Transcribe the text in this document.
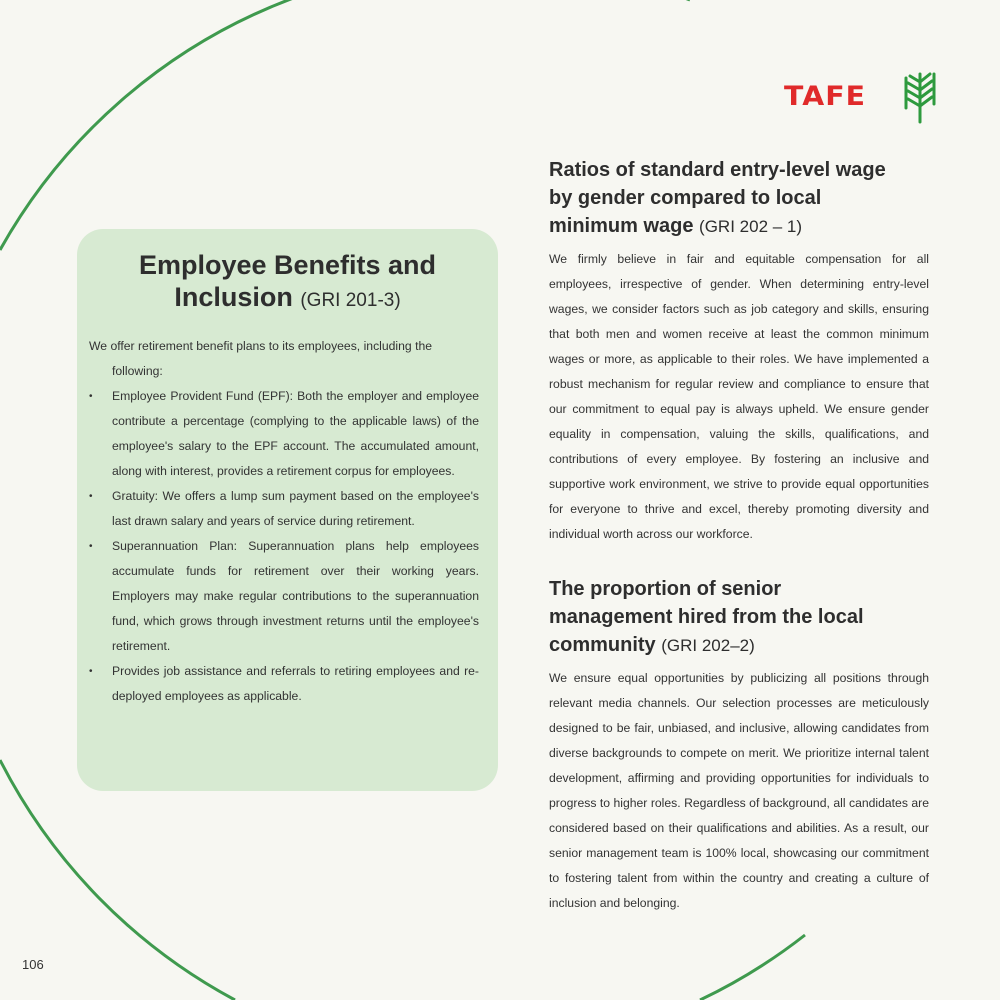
TAFE
Employee Benefits and
Inclusion (GRI 201-3)

We offer retirement benefit plans to its employees, including the

following:

• Employee Provident Fund (EPF): Both the employer and employee contribute a percentage (complying to the applicable laws) of the employee's salary to the EPF account. The accumulated amount, along with interest, provides a retirement corpus for employees.
• Gratuity: We offers a lump sum payment based on the employee's last drawn salary and years of service during retirement.
• Superannuation Plan: Superannuation plans help employees accumulate funds for retirement over their working years. Employers may make regular contributions to the superannuation fund, which grows through investment returns until the employee's retirement.
• Provides job assistance and referrals to retiring employees and re-deployed employees as applicable.
Ratios of standard entry-level wage
by gender compared to local
minimum wage (GRI 202 – 1)

We firmly believe in fair and equitable compensation for all employees, irrespective of gender. When determining entry-level wages, we consider factors such as job category and skills, ensuring that both men and women receive at least the common minimum wages or more, as applicable to their roles. We have implemented a robust mechanism for regular review and compliance to ensure that our commitment to equal pay is always upheld. We ensure gender equality in compensation, valuing the skills, qualifications, and contributions of every employee. By fostering an inclusive and supportive work environment, we strive to provide equal opportunities for everyone to thrive and excel, thereby promoting diversity and individual worth across our workforce.

The proportion of senior
management hired from the local
community (GRI 202–2)

We ensure equal opportunities by publicizing all positions through relevant media channels. Our selection processes are meticulously designed to be fair, unbiased, and inclusive, allowing candidates from diverse backgrounds to compete on merit. We prioritize internal talent development, affirming and providing opportunities for individuals to progress to higher roles. Regardless of background, all candidates are considered based on their qualifications and abilities. As a result, our senior management team is 100% local, showcasing our commitment to fostering talent from within the country and creating a culture of inclusion and belonging.

106
